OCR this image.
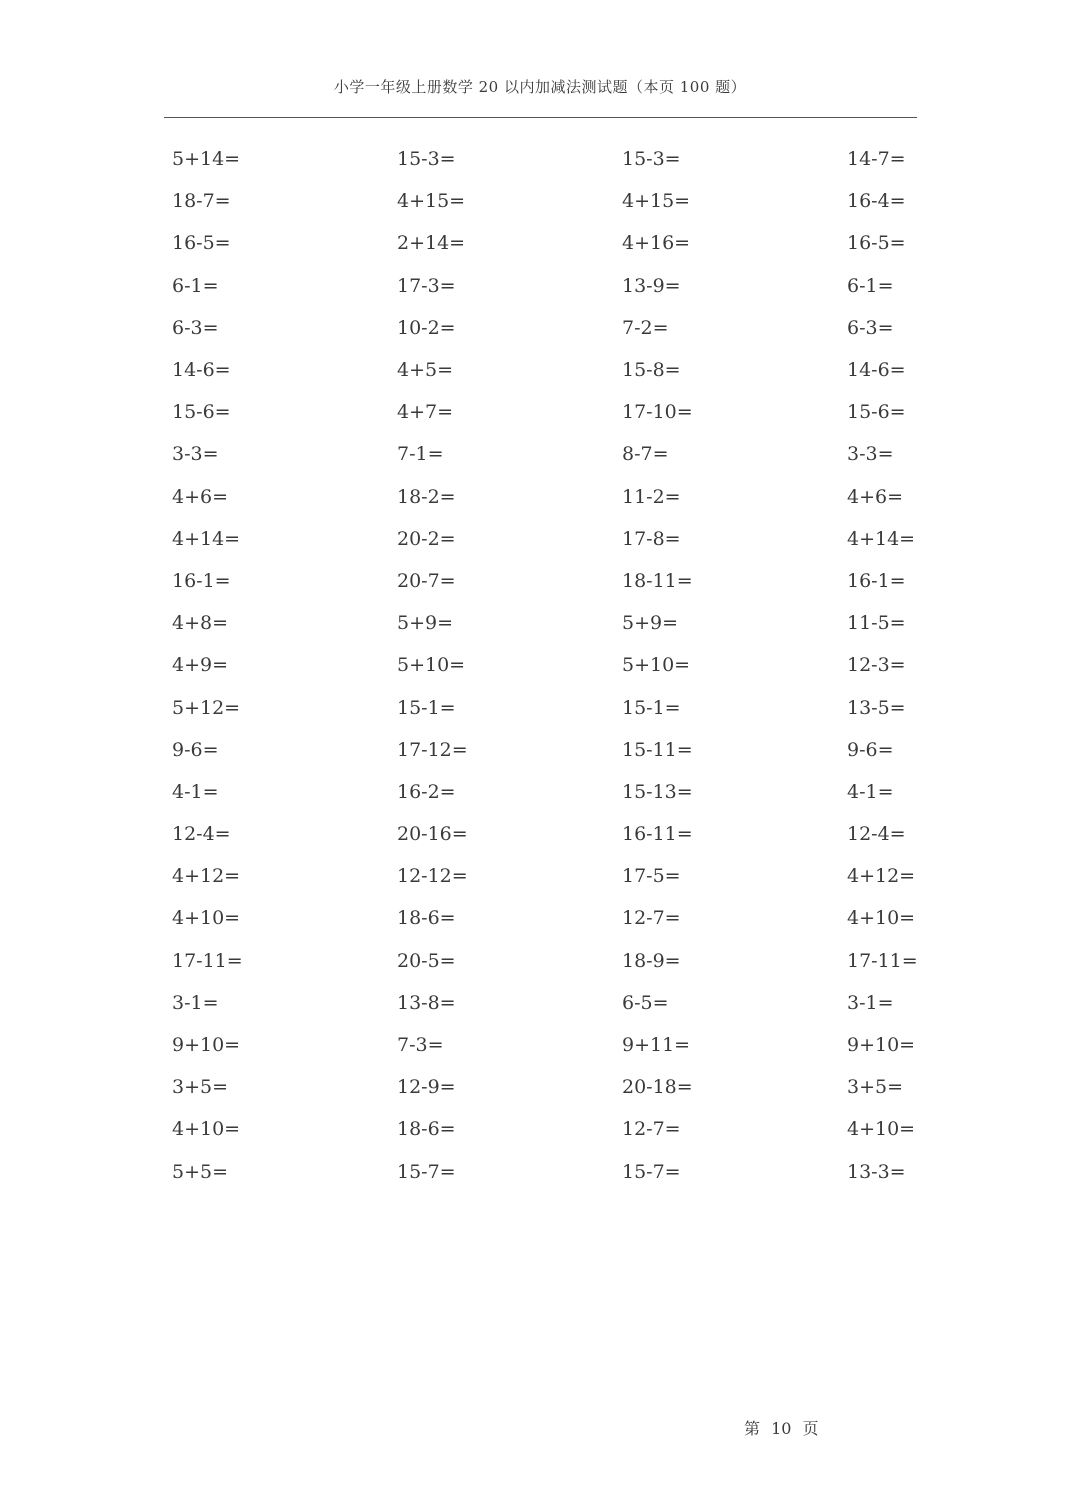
小学一年级上册数学 20 以内加减法测试题（本页 100 题）
5+14=	15-3=	15-3=	14-7=
18-7=	4+15=	4+15=	16-4=
16-5=	2+14=	4+16=	16-5=
6-1=	17-3=	13-9=	6-1=
6-3=	10-2=	7-2=	6-3=
14-6=	4+5=	15-8=	14-6=
15-6=	4+7=	17-10=	15-6=
3-3=	7-1=	8-7=	3-3=
4+6=	18-2=	11-2=	4+6=
4+14=	20-2=	17-8=	4+14=
16-1=	20-7=	18-11=	16-1=
4+8=	5+9=	5+9=	11-5=
4+9=	5+10=	5+10=	12-3=
5+12=	15-1=	15-1=	13-5=
9-6=	17-12=	15-11=	9-6=
4-1=	16-2=	15-13=	4-1=
12-4=	20-16=	16-11=	12-4=
4+12=	12-12=	17-5=	4+12=
4+10=	18-6=	12-7=	4+10=
17-11=	20-5=	18-9=	17-11=
3-1=	13-8=	6-5=	3-1=
9+10=	7-3=	9+11=	9+10=
3+5=	12-9=	20-18=	3+5=
4+10=	18-6=	12-7=	4+10=
5+5=	15-7=	15-7=	13-3=
第 10 页
